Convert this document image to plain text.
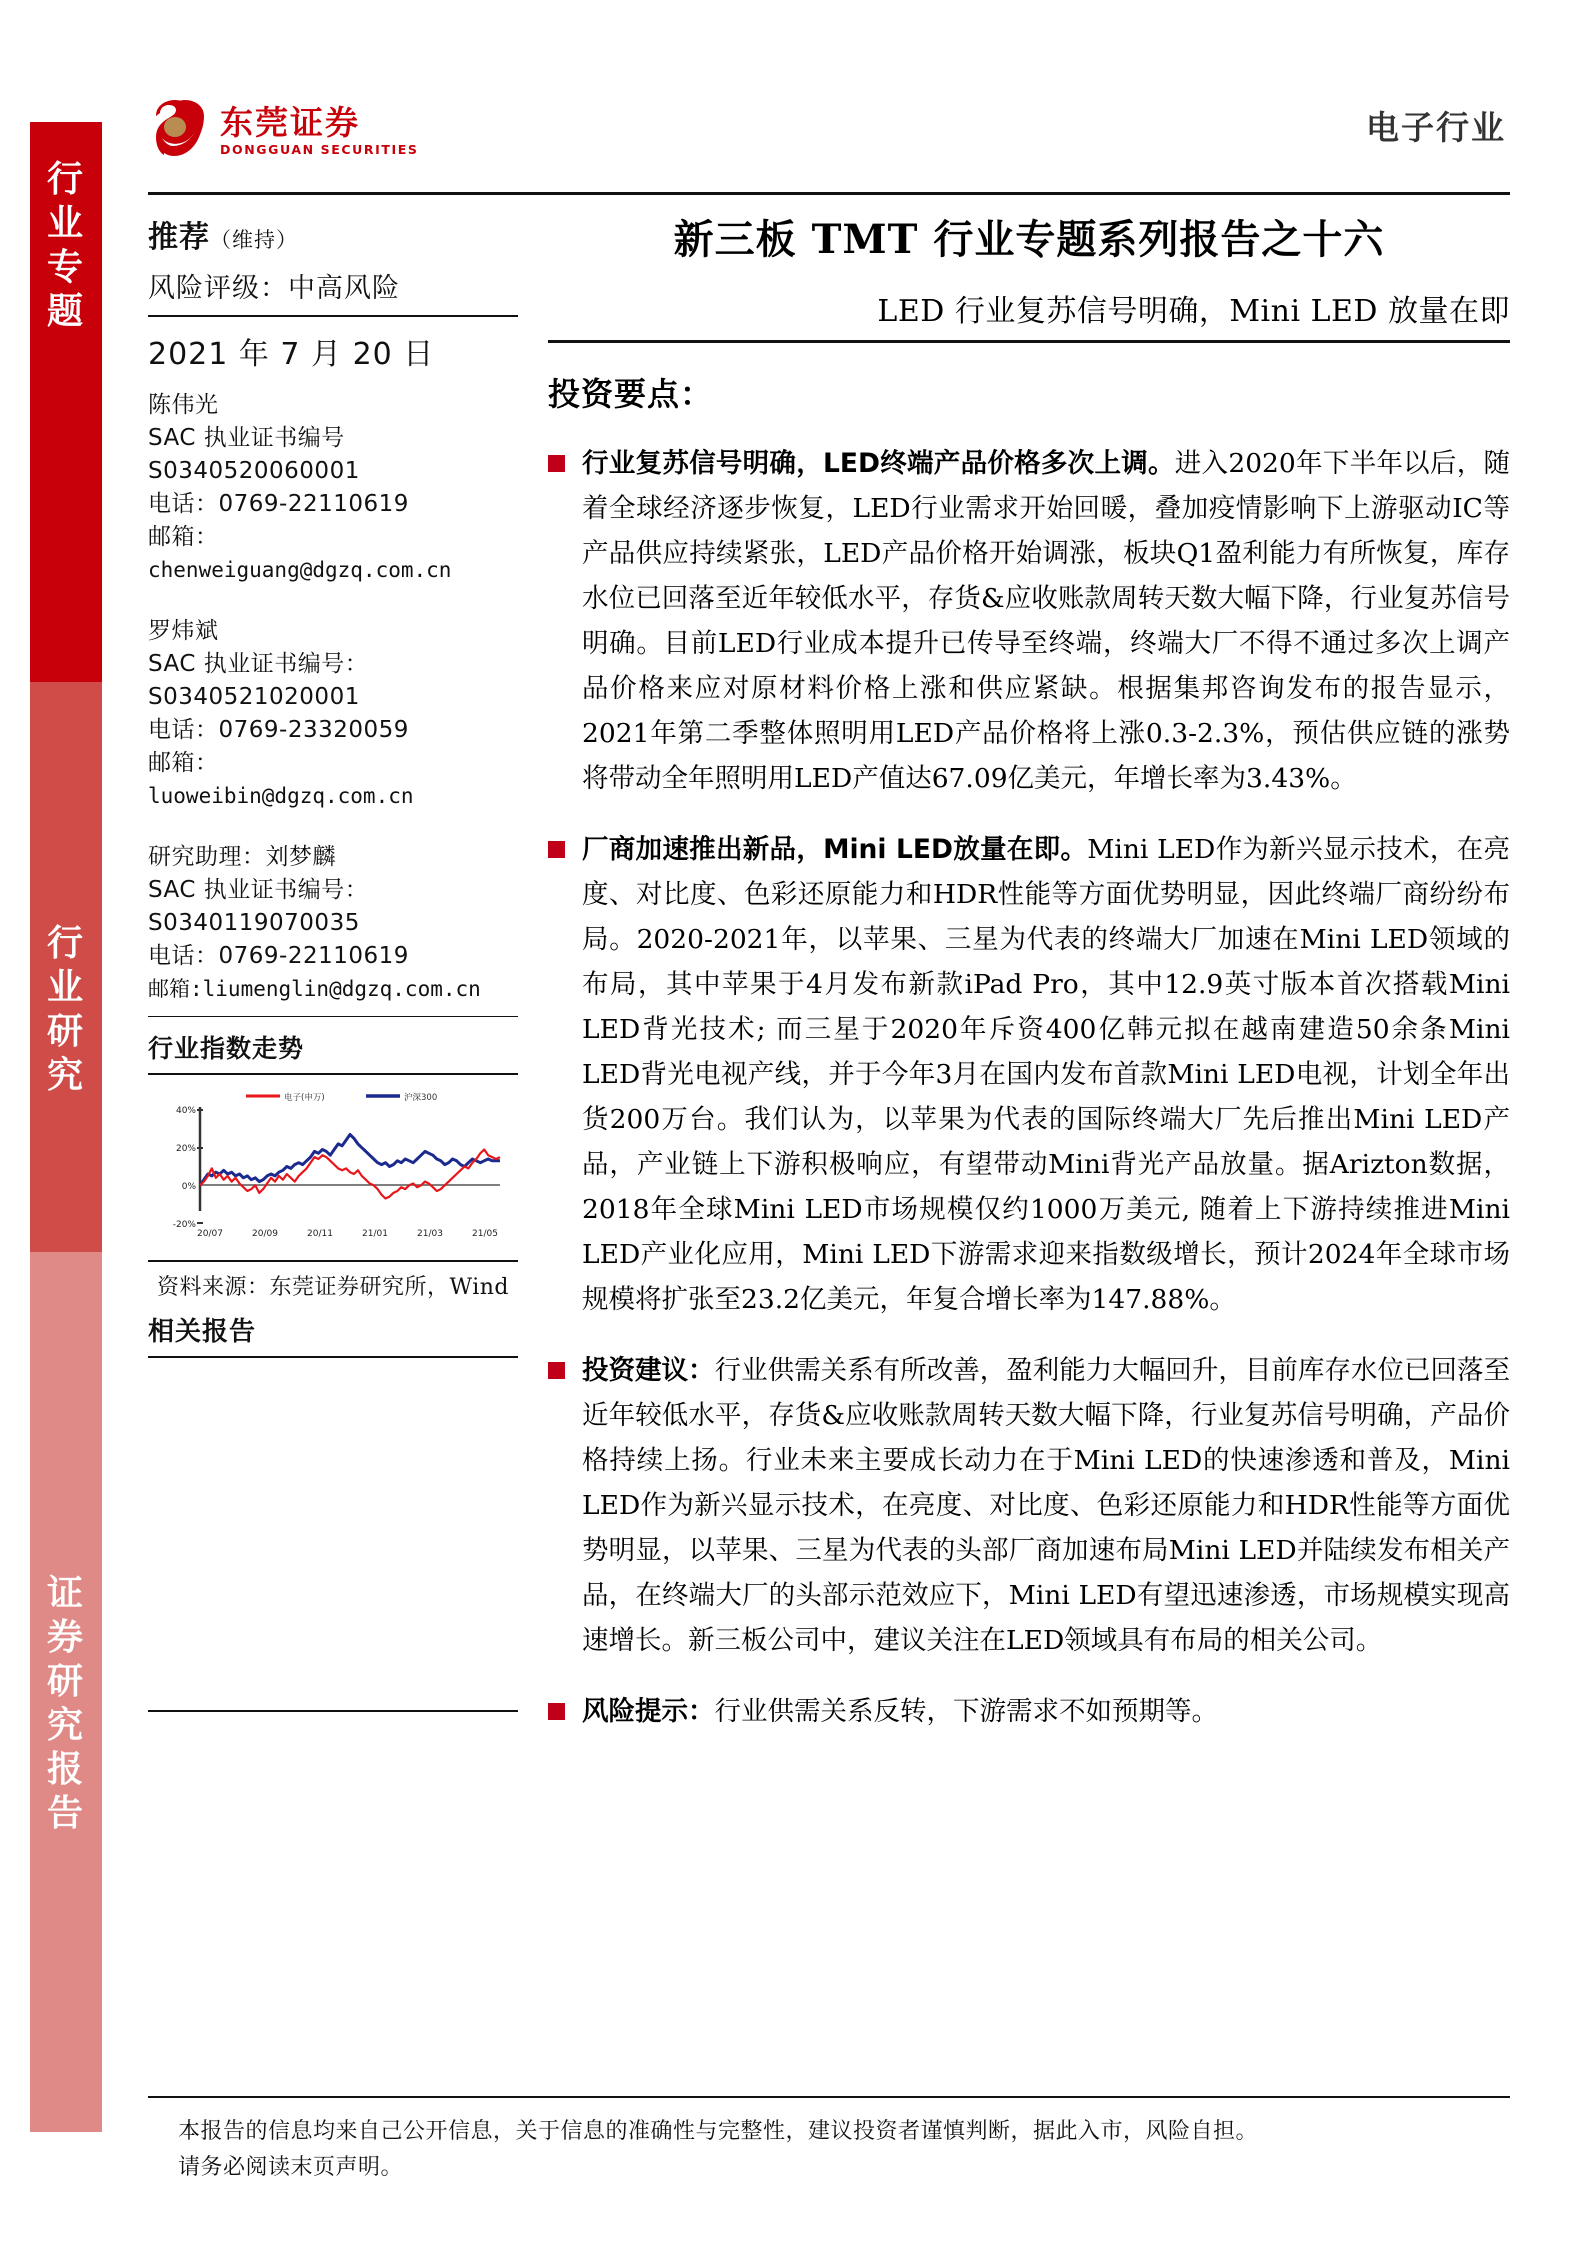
行
业
专
题
行
业
研
究
证
券
研
究
报
告
东莞证券
DONGGUAN SECURITIES
电子行业
推荐（维持）
风险评级：中高风险
2021 年 7 月 20 日
陈伟光
SAC 执业证书编号
S0340520060001
电话：0769-22110619
邮箱：
chenweiguang@dgzq.com.cn
罗炜斌
SAC 执业证书编号：
S0340521020001
电话：0769-23320059
邮箱：
luoweibin@dgzq.com.cn
研究助理：刘梦麟
SAC 执业证书编号：
S0340119070035
电话：0769-22110619
邮箱:liumenglin@dgzq.com.cn
行业指数走势
电子(申万)	沪深300
40%
20%
0%
-20%
20/07	20/09	20/11	21/01	21/03	21/05
资料来源：东莞证券研究所，Wind
相关报告
新三板 TMT 行业专题系列报告之十六
LED 行业复苏信号明确，Mini LED 放量在即
投资要点：
行业复苏信号明确，LED终端产品价格多次上调。进入2020年下半年以后，随着全球经济逐步恢复，LED行业需求开始回暖，叠加疫情影响下上游驱动IC等产品供应持续紧张，LED产品价格开始调涨，板块Q1盈利能力有所恢复，库存水位已回落至近年较低水平，存货&应收账款周转天数大幅下降，行业复苏信号明确。目前LED行业成本提升已传导至终端，终端大厂不得不通过多次上调产品价格来应对原材料价格上涨和供应紧缺。根据集邦咨询发布的报告显示，2021年第二季整体照明用LED产品价格将上涨0.3-2.3%，预估供应链的涨势将带动全年照明用LED产值达67.09亿美元，年增长率为3.43%。
厂商加速推出新品，Mini LED放量在即。Mini LED作为新兴显示技术，在亮度、对比度、色彩还原能力和HDR性能等方面优势明显，因此终端厂商纷纷布局。2020-2021年，以苹果、三星为代表的终端大厂加速在Mini LED领域的布局，其中苹果于4月发布新款iPad Pro，其中12.9英寸版本首次搭载Mini LED背光技术; 而三星于2020年斥资400亿韩元拟在越南建造50余条Mini LED背光电视产线，并于今年3月在国内发布首款Mini LED电视，计划全年出货200万台。我们认为，以苹果为代表的国际终端大厂先后推出Mini LED产品，产业链上下游积极响应，有望带动Mini背光产品放量。据Arizton数据，2018年全球Mini LED市场规模仅约1000万美元, 随着上下游持续推进Mini LED产业化应用，Mini LED下游需求迎来指数级增长，预计2024年全球市场规模将扩张至23.2亿美元，年复合增长率为147.88%。
投资建议：行业供需关系有所改善，盈利能力大幅回升，目前库存水位已回落至近年较低水平，存货&应收账款周转天数大幅下降，行业复苏信号明确，产品价格持续上扬。行业未来主要成长动力在于Mini LED的快速渗透和普及，Mini LED作为新兴显示技术，在亮度、对比度、色彩还原能力和HDR性能等方面优势明显，以苹果、三星为代表的头部厂商加速布局Mini LED并陆续发布相关产品，在终端大厂的头部示范效应下，Mini LED有望迅速渗透，市场规模实现高速增长。新三板公司中，建议关注在LED领域具有布局的相关公司。
风险提示：行业供需关系反转，下游需求不如预期等。
本报告的信息均来自己公开信息，关于信息的准确性与完整性，建议投资者谨慎判断，据此入市，风险自担。
请务必阅读末页声明。
